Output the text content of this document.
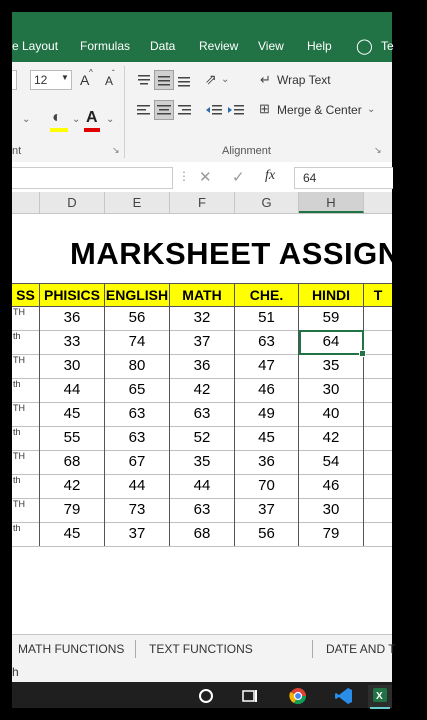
e Layout Formulas Data Review View Help ◯ Te
12 ▼ A ^
A
ˇ
⌄ ◐ ⌄ A ⌄
nt	↘
⇗ ⌄ ↵ Wrap Text
⊞ Merge & Center ⌄
Alignment	↘
⋮ ✕ ✓ fx 64
D	E	F	G	H
MARKSHEET ASSIGNM
SS PHISICS ENGLISH	MATH	CHE.	HINDI	T
TH	36	56	32	51	59
th	33	74	37	63	64
TH	30	80	36	47	35
th	44	65	42	46	30
TH	45	63	63	49	40
th	55	63	52	45	42
TH	68	67	35	36	54
th	42	44	44	70	46
TH	79	73	63	37	30
th	45	37	68	56	79
MATH FUNCTIONS TEXT FUNCTIONS	DATE AND T
h
X
